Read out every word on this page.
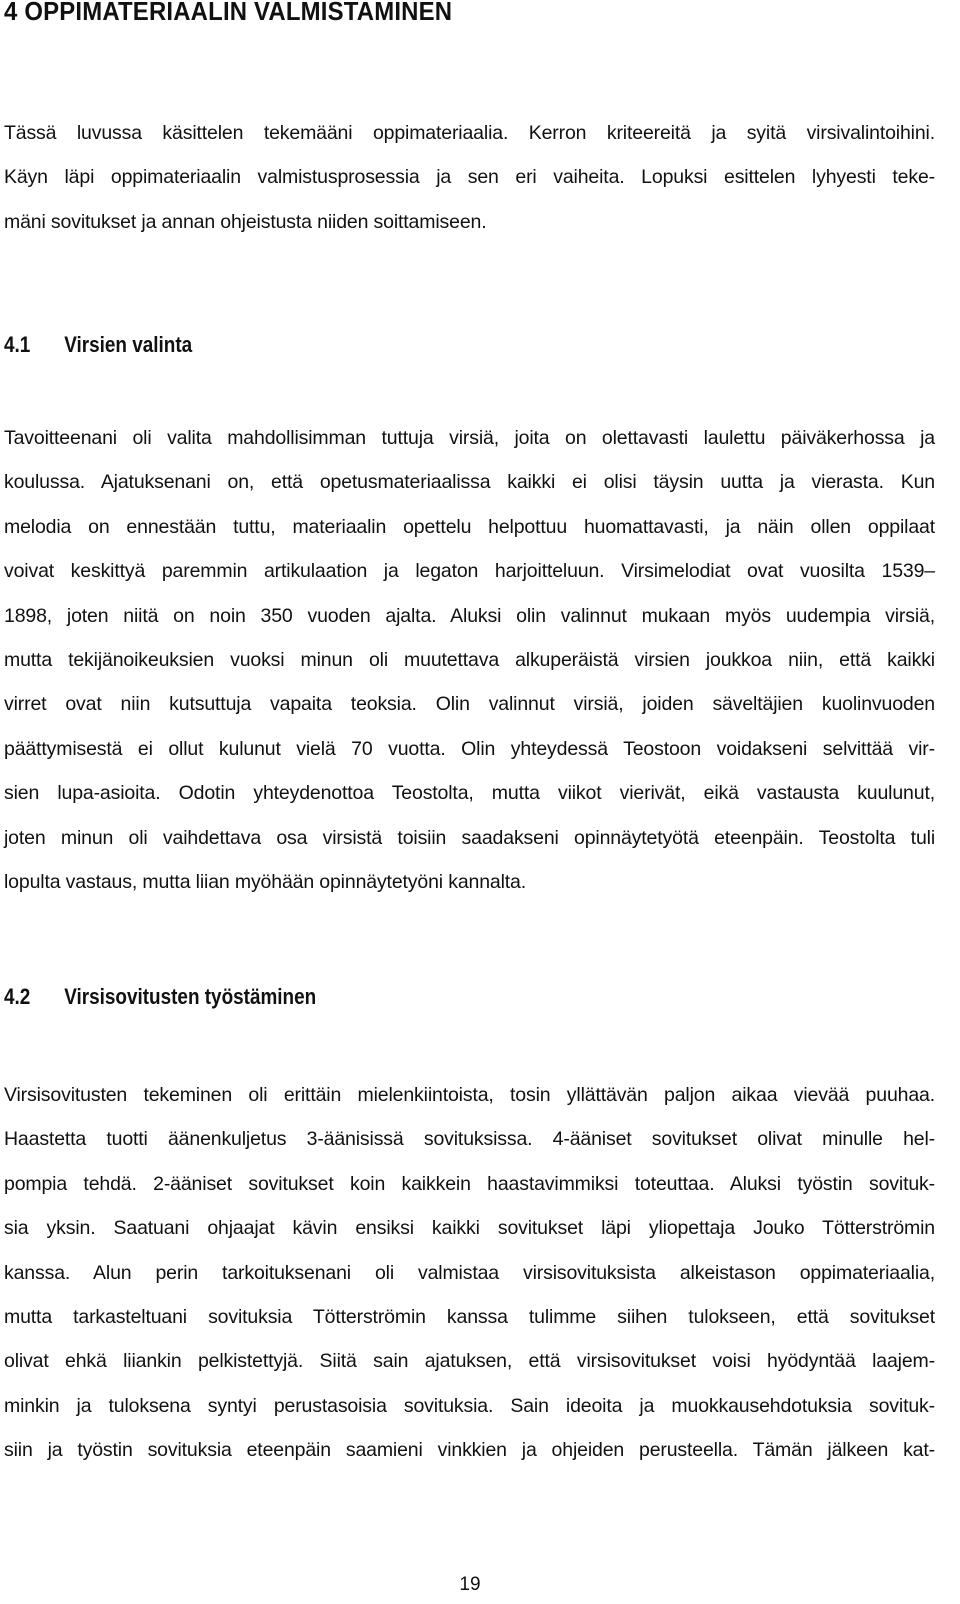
4 OPPIMATERIAALIN VALMISTAMINEN
Tässä luvussa käsittelen tekemääni oppimateriaalia. Kerron kriteereitä ja syitä virsivalintoihini.
Käyn läpi oppimateriaalin valmistusprosessia ja sen eri vaiheita. Lopuksi esittelen lyhyesti teke-
mäni sovitukset ja annan ohjeistusta niiden soittamiseen.
4.1 Virsien valinta
Tavoitteenani oli valita mahdollisimman tuttuja virsiä, joita on olettavasti laulettu päiväkerhossa ja
koulussa. Ajatuksenani on, että opetusmateriaalissa kaikki ei olisi täysin uutta ja vierasta. Kun
melodia on ennestään tuttu, materiaalin opettelu helpottuu huomattavasti, ja näin ollen oppilaat
voivat keskittyä paremmin artikulaation ja legaton harjoitteluun. Virsimelodiat ovat vuosilta 1539–
1898, joten niitä on noin 350 vuoden ajalta. Aluksi olin valinnut mukaan myös uudempia virsiä,
mutta tekijänoikeuksien vuoksi minun oli muutettava alkuperäistä virsien joukkoa niin, että kaikki
virret ovat niin kutsuttuja vapaita teoksia. Olin valinnut virsiä, joiden säveltäjien kuolinvuoden
päättymisestä ei ollut kulunut vielä 70 vuotta. Olin yhteydessä Teostoon voidakseni selvittää vir-
sien lupa-asioita. Odotin yhteydenottoa Teostolta, mutta viikot vierivät, eikä vastausta kuulunut,
joten minun oli vaihdettava osa virsistä toisiin saadakseni opinnäytetyötä eteenpäin. Teostolta tuli
lopulta vastaus, mutta liian myöhään opinnäytetyöni kannalta.
4.2 Virsisovitusten työstäminen
Virsisovitusten tekeminen oli erittäin mielenkiintoista, tosin yllättävän paljon aikaa vievää puuhaa.
Haastetta tuotti äänenkuljetus 3-äänisissä sovituksissa. 4-ääniset sovitukset olivat minulle hel-
pompia tehdä. 2-ääniset sovitukset koin kaikkein haastavimmiksi toteuttaa. Aluksi työstin sovituk-
sia yksin. Saatuani ohjaajat kävin ensiksi kaikki sovitukset läpi yliopettaja Jouko Tötterströmin
kanssa. Alun perin tarkoituksenani oli valmistaa virsisovituksista alkeistason oppimateriaalia,
mutta tarkasteltuani sovituksia Tötterströmin kanssa tulimme siihen tulokseen, että sovitukset
olivat ehkä liiankin pelkistettyjä. Siitä sain ajatuksen, että virsisovitukset voisi hyödyntää laajem-
minkin ja tuloksena syntyi perustasoisia sovituksia. Sain ideoita ja muokkausehdotuksia sovituk-
siin ja työstin sovituksia eteenpäin saamieni vinkkien ja ohjeiden perusteella. Tämän jälkeen kat-
19
